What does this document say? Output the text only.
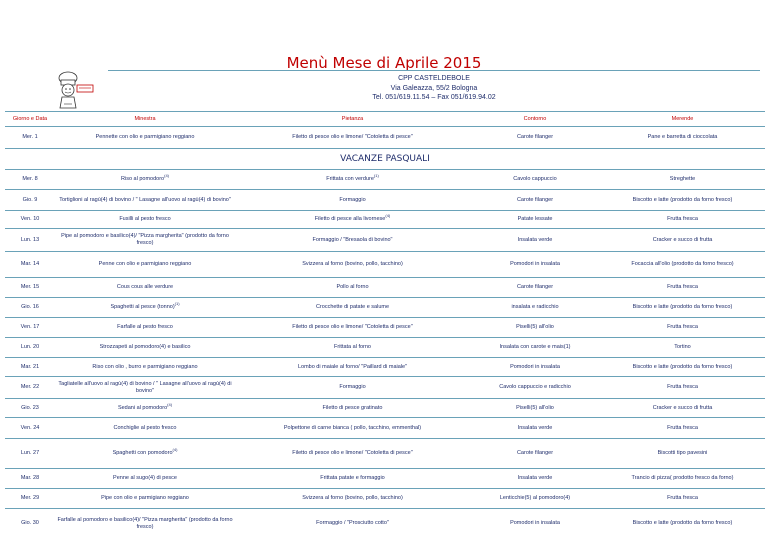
Menù Mese di Aprile 2015
CPP CASTELDEBOLE
Via Galeazza, 55/2 Bologna
Tel. 051/619.11.54 – Fax 051/619.94.02
Giorno e Data	Minestra	Pietanza	Contorno	Merende
Mer. 1	Pennette con olio e parmigiano reggiano	Filetto di pesce olio e limone/ "Cotoletta di pesce"	Carote filanger	Pane e barretta di cioccolata
VACANZE PASQUALI				
Mer. 8	Riso al pomodoro$^{(4)}$	Frittata con verdure$^{(1)}$	Cavolo cappuccio	Streghette
Gio. 9	Tortiglioni al ragù(4) di bovino / " Lasagne all'uovo al ragù(4) di bovino"	Formaggio	Carote filanger	Biscotto e latte (prodotto da forno fresco)
Ven. 10	Fusilli al pesto fresco	Filetto di pesce alla livornese$^{(4)}$	Patate lessate	Frutta fresca
Lun. 13	Pipe al pomodoro e basilico(4)/ "Pizza margherita" (prodotto da forno fresco)	Formaggio / "Bresaola di bovino"	Insalata verde	Cracker e succo di frutta
Mar. 14	Penne con olio e parmigiano reggiano	Svizzera al forno (bovino, pollo, tacchino)	Pomodori in insalata	Focaccia all'olio (prodotto da forno fresco)
Mer. 15	Cous cous alle verdure	Pollo al forno	Carote filanger	Frutta fresca
Gio. 16	Spaghetti al pesce (tonno)$^{(1)}$	Crocchette di patate e salume	insalata e radicchio	Biscotto e latte (prodotto da forno fresco)
Ven. 17	Farfalle al pesto fresco	Filetto di pesce olio e limone/ "Cotoletta di pesce"	Piselli(5) all'olio	Frutta fresca
Lun. 20	Strozzapeti al pomodoro(4) e basilico	Frittata al forno	Insalata con carote e mais(1)	Tortino
Mar. 21	Riso con olio , burro e parmigiano reggiano	Lombo di maiale al forno/ "Paillard di maiale"	Pomodori in insalata	Biscotto e latte (prodotto da forno fresco)
Mer. 22	Tagliatelle all'uovo al ragù(4) di bovino / " Lasagne all'uovo al ragù(4) di bovino"	Formaggio	Cavolo cappuccio e radicchio	Frutta fresca
Gio. 23	Sedani al pomodoro$^{(4)}$	Filetto di pesce gratinato	Piselli(5) all'olio	Cracker e succo di frutta
Ven. 24	Conchiglie al pesto fresco	Polpettone di carne bianca ( pollo, tacchino, emmenthal)	Insalata verde	Frutta fresca
Lun. 27	Spaghetti con pomodoro$^{(4)}$	Filetto di pesce olio e limone/ "Cotoletta di pesce"	Carote filanger	Biscotti tipo pavesini
Mar. 28	Penne al sugo(4) di pesce	Frittata patate e formaggio	Insalata verde	Trancio di pizza( prodotto fresco da forno)
Mer. 29	Pipe con olio e parmigiano reggiano	Svizzera al forno (bovino, pollo, tacchino)	Lenticchie(5) al pomodoro(4)	Frutta fresca
Gio. 30	Farfalle al pomodoro e basilico(4)/ "Pizza margherita" (prodotto da forno fresco)	Formaggio / "Prosciutto cotto"	Pomodori in insalata	Biscotto e latte (prodotto da forno fresco)
